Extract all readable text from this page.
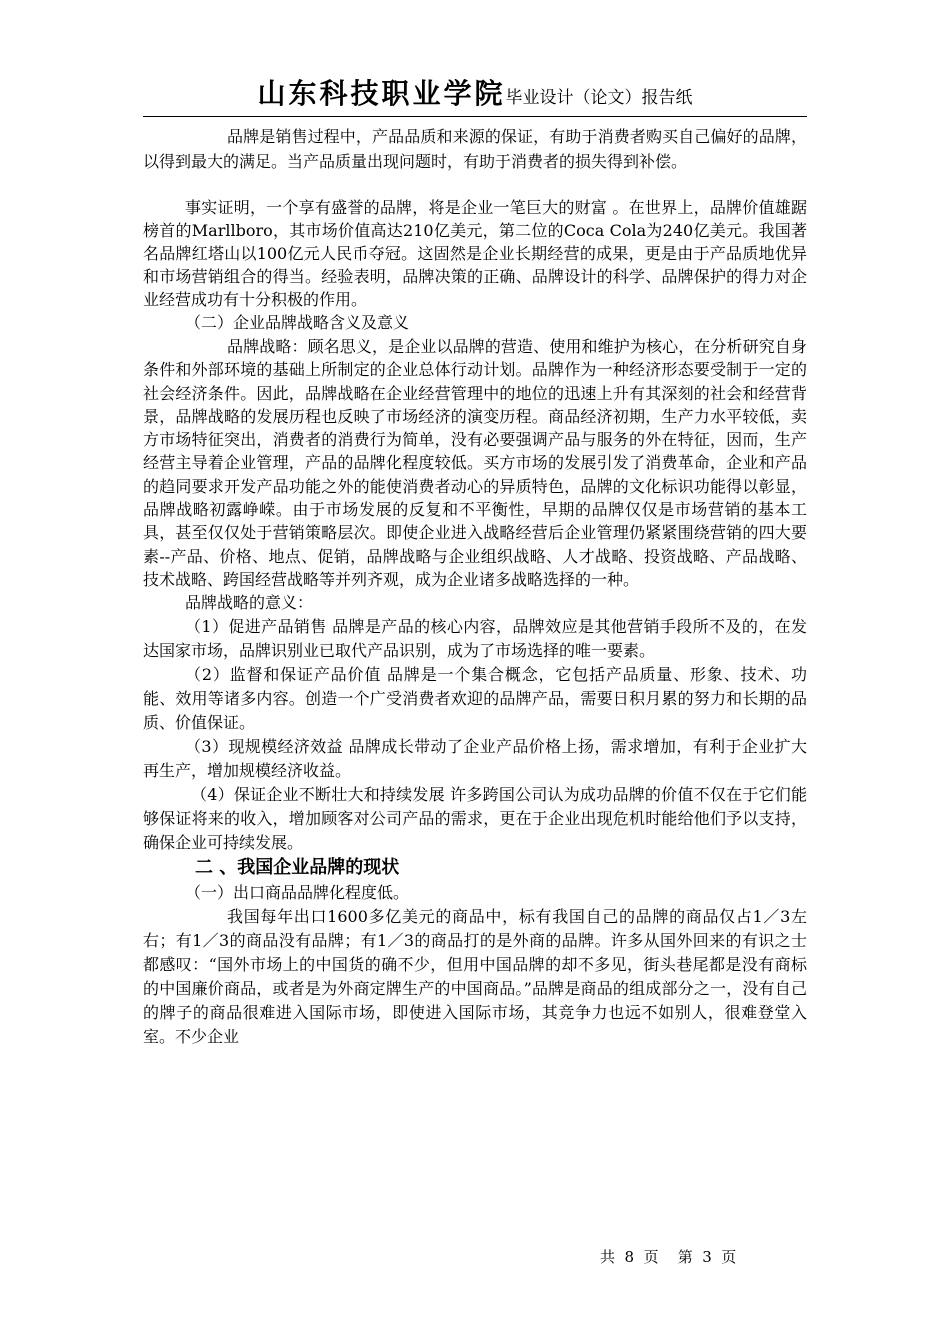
山东科技职业学院毕业设计（论文）报告纸

品牌是销售过程中，产品品质和来源的保证，有助于消费者购买自己偏好的品牌，以得到最大的满足。当产品质量出现问题时，有助于消费者的损失得到补偿。

事实证明，一个享有盛誉的品牌，将是企业一笔巨大的财富 。在世界上，品牌价值雄踞榜首的Marllboro，其市场价值高达210亿美元，第二位的Coca Cola为240亿美元。我国著名品牌红塔山以100亿元人民币夺冠。这固然是企业长期经营的成果，更是由于产品质地优异和市场营销组合的得当。经验表明，品牌决策的正确、品牌设计的科学、品牌保护的得力对企业经营成功有十分积极的作用。

（二）企业品牌战略含义及意义

品牌战略：顾名思义，是企业以品牌的营造、使用和维护为核心，在分析研究自身条件和外部环境的基础上所制定的企业总体行动计划。品牌作为一种经济形态要受制于一定的社会经济条件。因此，品牌战略在企业经营管理中的地位的迅速上升有其深刻的社会和经营背景，品牌战略的发展历程也反映了市场经济的演变历程。商品经济初期，生产力水平较低，卖方市场特征突出，消费者的消费行为简单，没有必要强调产品与服务的外在特征，因而，生产经营主导着企业管理，产品的品牌化程度较低。买方市场的发展引发了消费革命，企业和产品的趋同要求开发产品功能之外的能使消费者动心的异质特色，品牌的文化标识功能得以彰显，品牌战略初露峥嵘。由于市场发展的反复和不平衡性，早期的品牌仅仅是市场营销的基本工具，甚至仅仅处于营销策略层次。即使企业进入战略经营后企业管理仍紧紧围绕营销的四大要素--产品、价格、地点、促销，品牌战略与企业组织战略、人才战略、投资战略、产品战略、技术战略、跨国经营战略等并列齐观，成为企业诸多战略选择的一种。

品牌战略的意义：

（1）促进产品销售 品牌是产品的核心内容，品牌效应是其他营销手段所不及的，在发达国家市场，品牌识别业已取代产品识别，成为了市场选择的唯一要素。

（2）监督和保证产品价值 品牌是一个集合概念，它包括产品质量、形象、技术、功能、效用等诸多内容。创造一个广受消费者欢迎的品牌产品，需要日积月累的努力和长期的品质、价值保证。

（3）现规模经济效益 品牌成长带动了企业产品价格上扬，需求增加，有利于企业扩大再生产，增加规模经济收益。

（4）保证企业不断壮大和持续发展 许多跨国公司认为成功品牌的价值不仅在于它们能够保证将来的收入，增加顾客对公司产品的需求，更在于企业出现危机时能给他们予以支持，确保企业可持续发展。

二 、我国企业品牌的现状

（一）出口商品品牌化程度低。

我国每年出口1600多亿美元的商品中，标有我国自己的品牌的商品仅占1／3左右；有1／3的商品没有品牌；有1／3的商品打的是外商的品牌。许多从国外回来的有识之士都感叹：“国外市场上的中国货的确不少，但用中国品牌的却不多见，街头巷尾都是没有商标的中国廉价商品，或者是为外商定牌生产的中国商品。”品牌是商品的组成部分之一，没有自己的牌子的商品很难进入国际市场，即使进入国际市场，其竞争力也远不如别人，很难登堂入室。不少企业

共  8  页    第  3  页
